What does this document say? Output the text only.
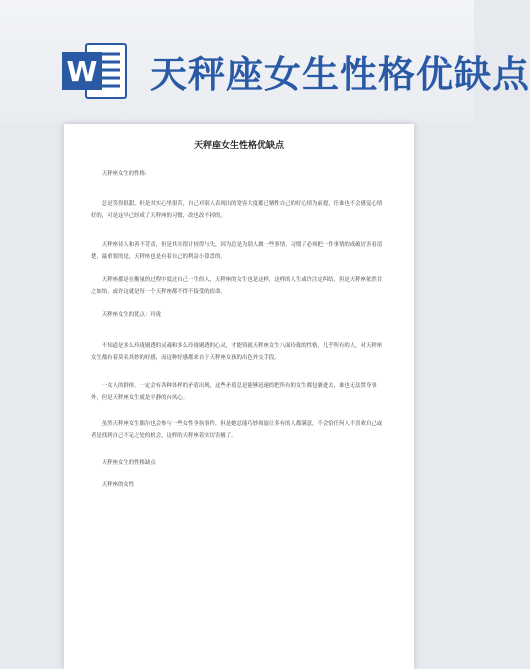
W 天秤座女生性格优缺点
天秤座女生性格优缺点

天秤座女生的性格:

总是笑得很甜，但是其实心里很苦，自己对别人表现出的宽容大度都已牺牲自己的好心情为前提，任谁也不会感觉心情好的，可是这早已经成了天秤座的习惯，改也改不掉的。

天秤座待人和善不苛责，但是其实很计较得与失，因为总是为别人做一些事情，习惯了必须把一件事情的成破厉害看清楚，最重要的是，天秤座也是有着自己的利益小算盘的。

天秤座都是在衡量的过程中度过自己一生的人，天秤座的女生也是这样，这样的人生或许注定纠结，但是天秤座依然甘之如饴，或许这就是每一个天秤座都不得不接受的宿命。

天秤座女生的优点：玲珑

不知道是多么玲珑剔透的灵魂和多么玲珑剔透的心灵，才能铸就天秤座女生八面玲珑的性格，几乎所有的人，对天秤座女生都有着莫名其妙的好感，而这种好感都来自于天秤座女孩的出色外交手段。

一女人的群体，一定会有各种各样的矛盾出现，这些矛盾总是能够迅速的把所有的女生都包裹进去，谁也无法置身事外，但是天秤座女生就是平静的台风心。

虽然天秤座女生偶尔也会参与一些女性争执事件，但是她总能巧妙周旋让多有的人都满意，不会恰任何人不喜欢自己或者是找到自己不足之处的机会，这样的天秤座着实厉害极了。

天秤座女生的性格缺点

天秤座的女性
